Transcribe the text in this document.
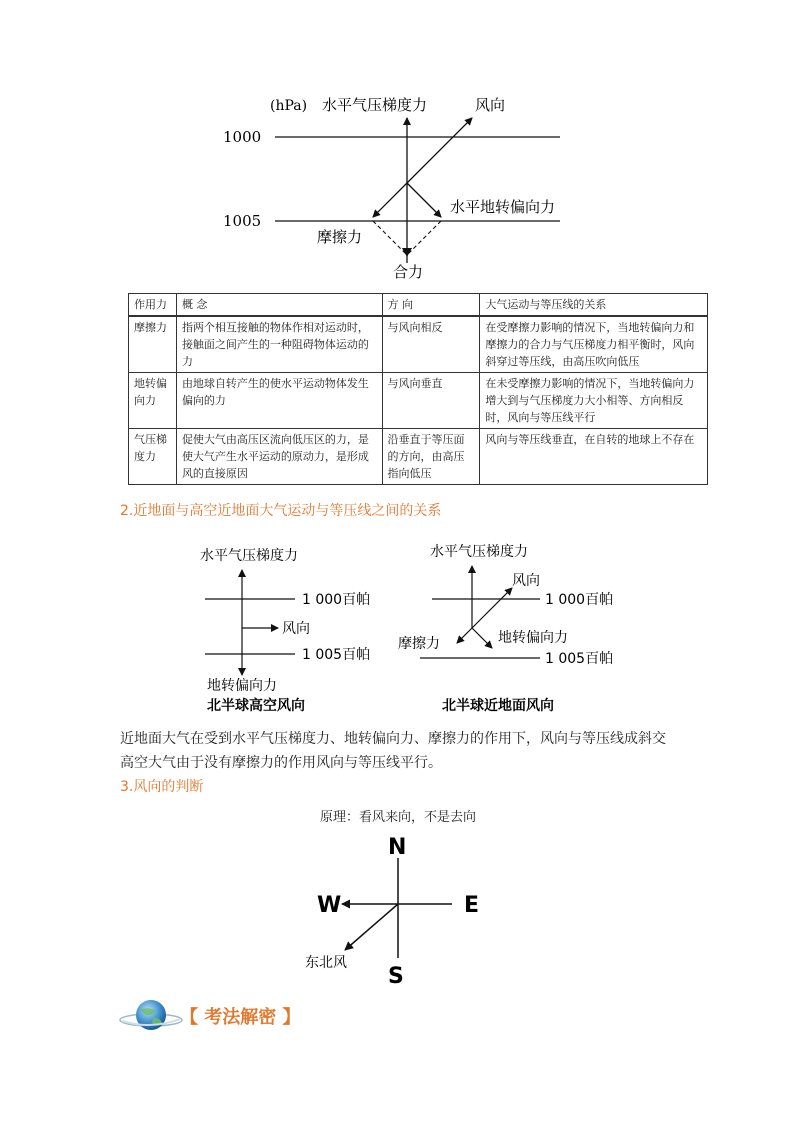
(hPa) 水平气压梯度力	风向
1000
1005
水平地转偏向力
摩擦力
合力
作用力	概 念	方 向	大气运动与等压线的关系
摩擦力	指两个相互接触的物体作相对运动时，接触面之间产生的一种阻碍物体运动的力	与风向相反	在受摩擦力影响的情况下，当地转偏向力和摩擦力的合力与气压梯度力相平衡时，风向斜穿过等压线，由高压吹向低压
地转偏向力	由地球自转产生的使水平运动物体发生偏向的力	与风向垂直	在未受摩擦力影响的情况下，当地转偏向力增大到与气压梯度力大小相等、方向相反时，风向与等压线平行
气压梯度力	促使大气由高压区流向低压区的力，是使大气产生水平运动的原动力，是形成风的直接原因	沿垂直于等压面的方向，由高压指向低压	风向与等压线垂直，在自转的地球上不存在
2.近地面与高空近地面大气运动与等压线之间的关系
水平气压梯度力
1 000百帕
风向
1 005百帕
地转偏向力
北半球高空风向
水平气压梯度力
风向
1 000百帕
摩擦力	地转偏向力
1 005百帕
北半球近地面风向
近地面大气在受到水平气压梯度力、地转偏向力、摩擦力的作用下，风向与等压线成斜交
高空大气由于没有摩擦力的作用风向与等压线平行。
3.风向的判断
原理：看风来向，不是去向
N
S
W	E
东北风
【 考法解密 】
